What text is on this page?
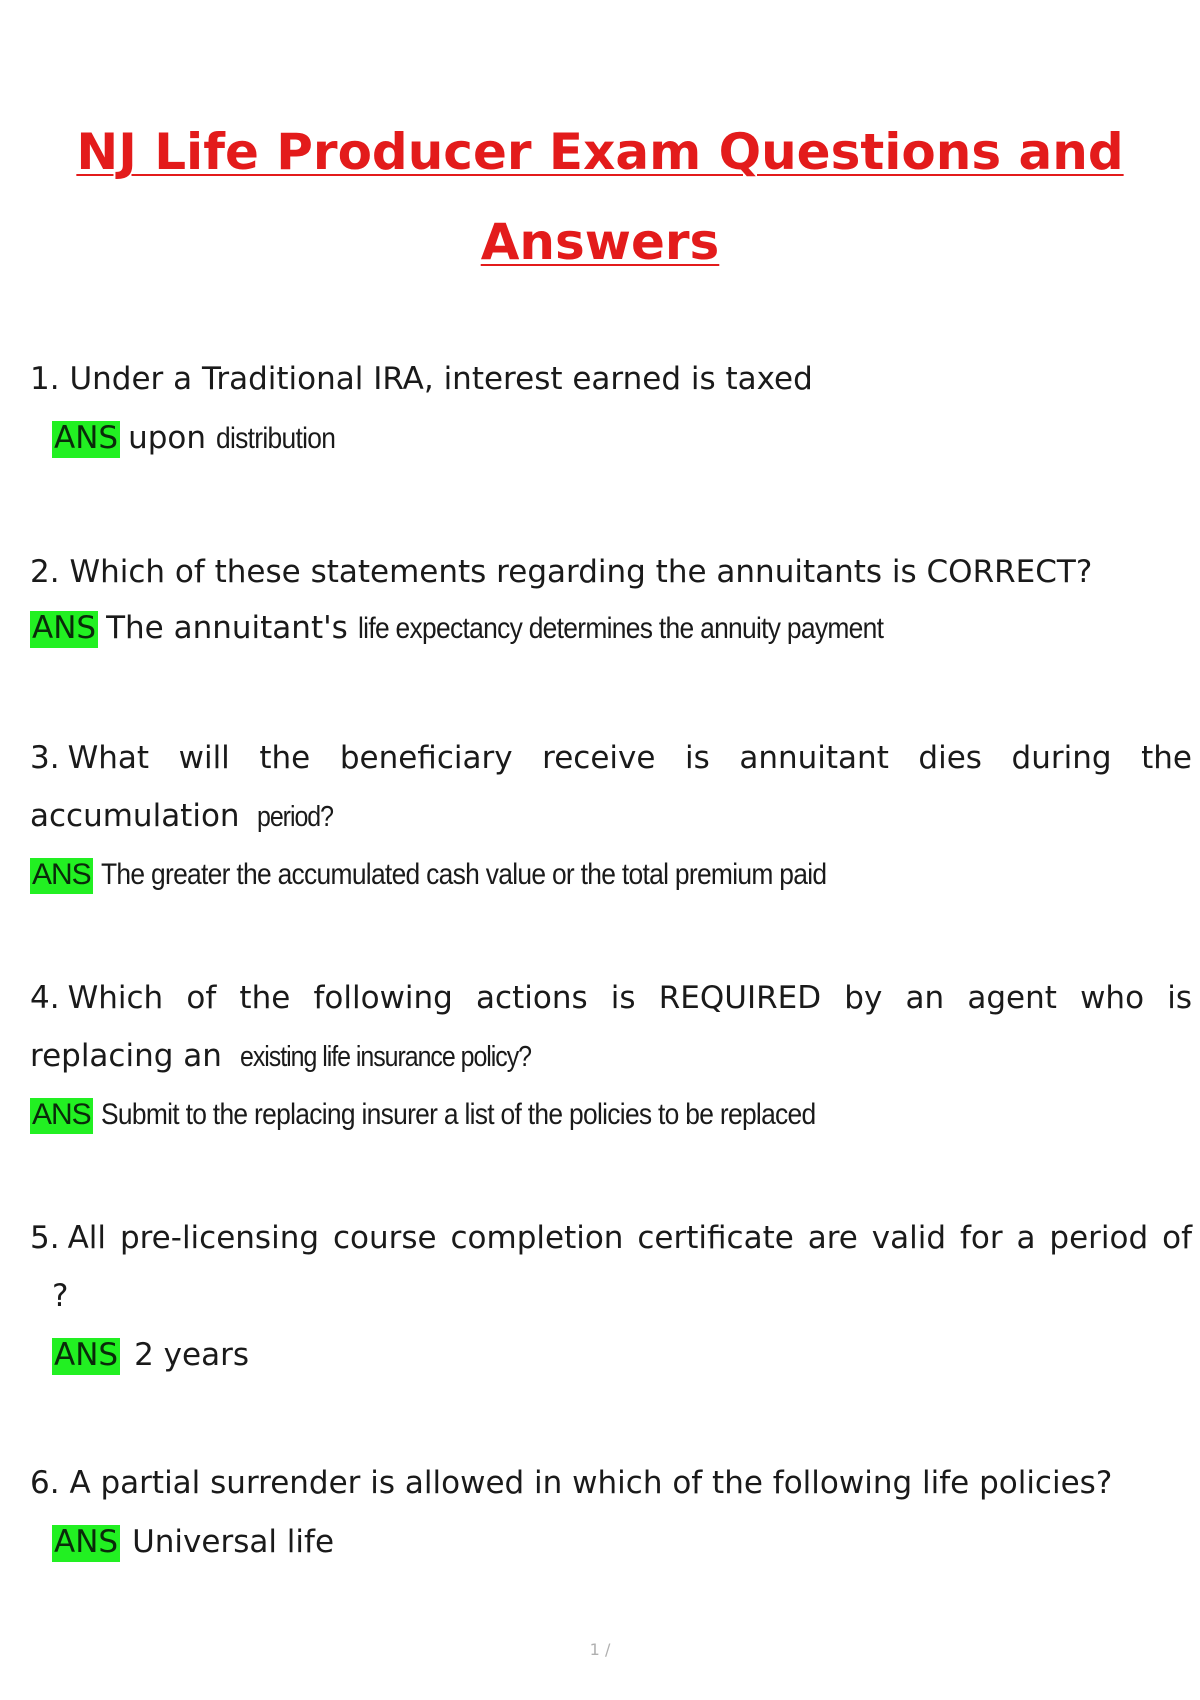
NJ Life Producer Exam Questions and
Answers
1. Under a Traditional IRA, interest earned is taxed
ANS upon distribution
2. Which of these statements regarding the annuitants is CORRECT?
ANS The annuitant's life expectancy determines the annuity payment
3. What will the beneficiary receive is annuitant dies during the
accumulation period?
ANS The greater the accumulated cash value or the total premium paid
4. Which of the following actions is REQUIRED by an agent who is
replacing an existing life insurance policy?
ANS Submit to the replacing insurer a list of the policies to be replaced
5. All pre-licensing course completion certificate are valid for a period of
?
ANS 2 years
6. A partial surrender is allowed in which of the following life policies?
ANS Universal life
1 /
